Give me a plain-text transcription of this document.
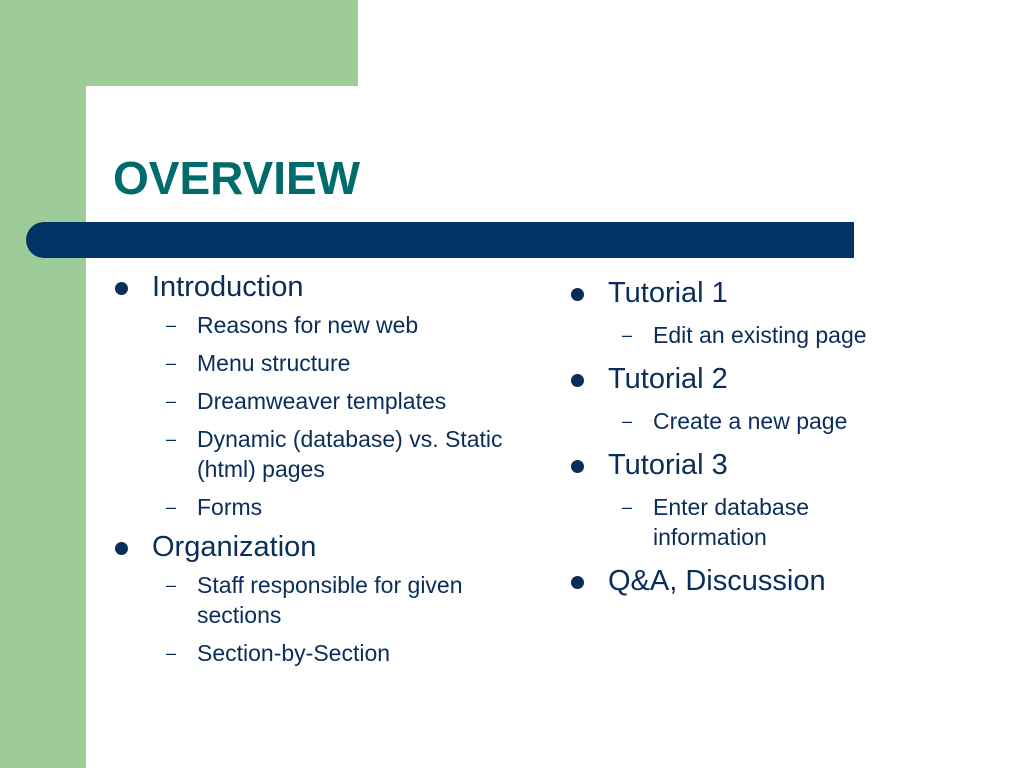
OVERVIEW
Introduction
– Reasons for new web
– Menu structure
– Dreamweaver templates
– Dynamic (database) vs. Static (html) pages
– Forms
Organization
– Staff responsible for given sections
– Section-by-Section
Tutorial 1
– Edit an existing page
Tutorial 2
– Create a new page
Tutorial 3
– Enter database information
Q&A, Discussion
